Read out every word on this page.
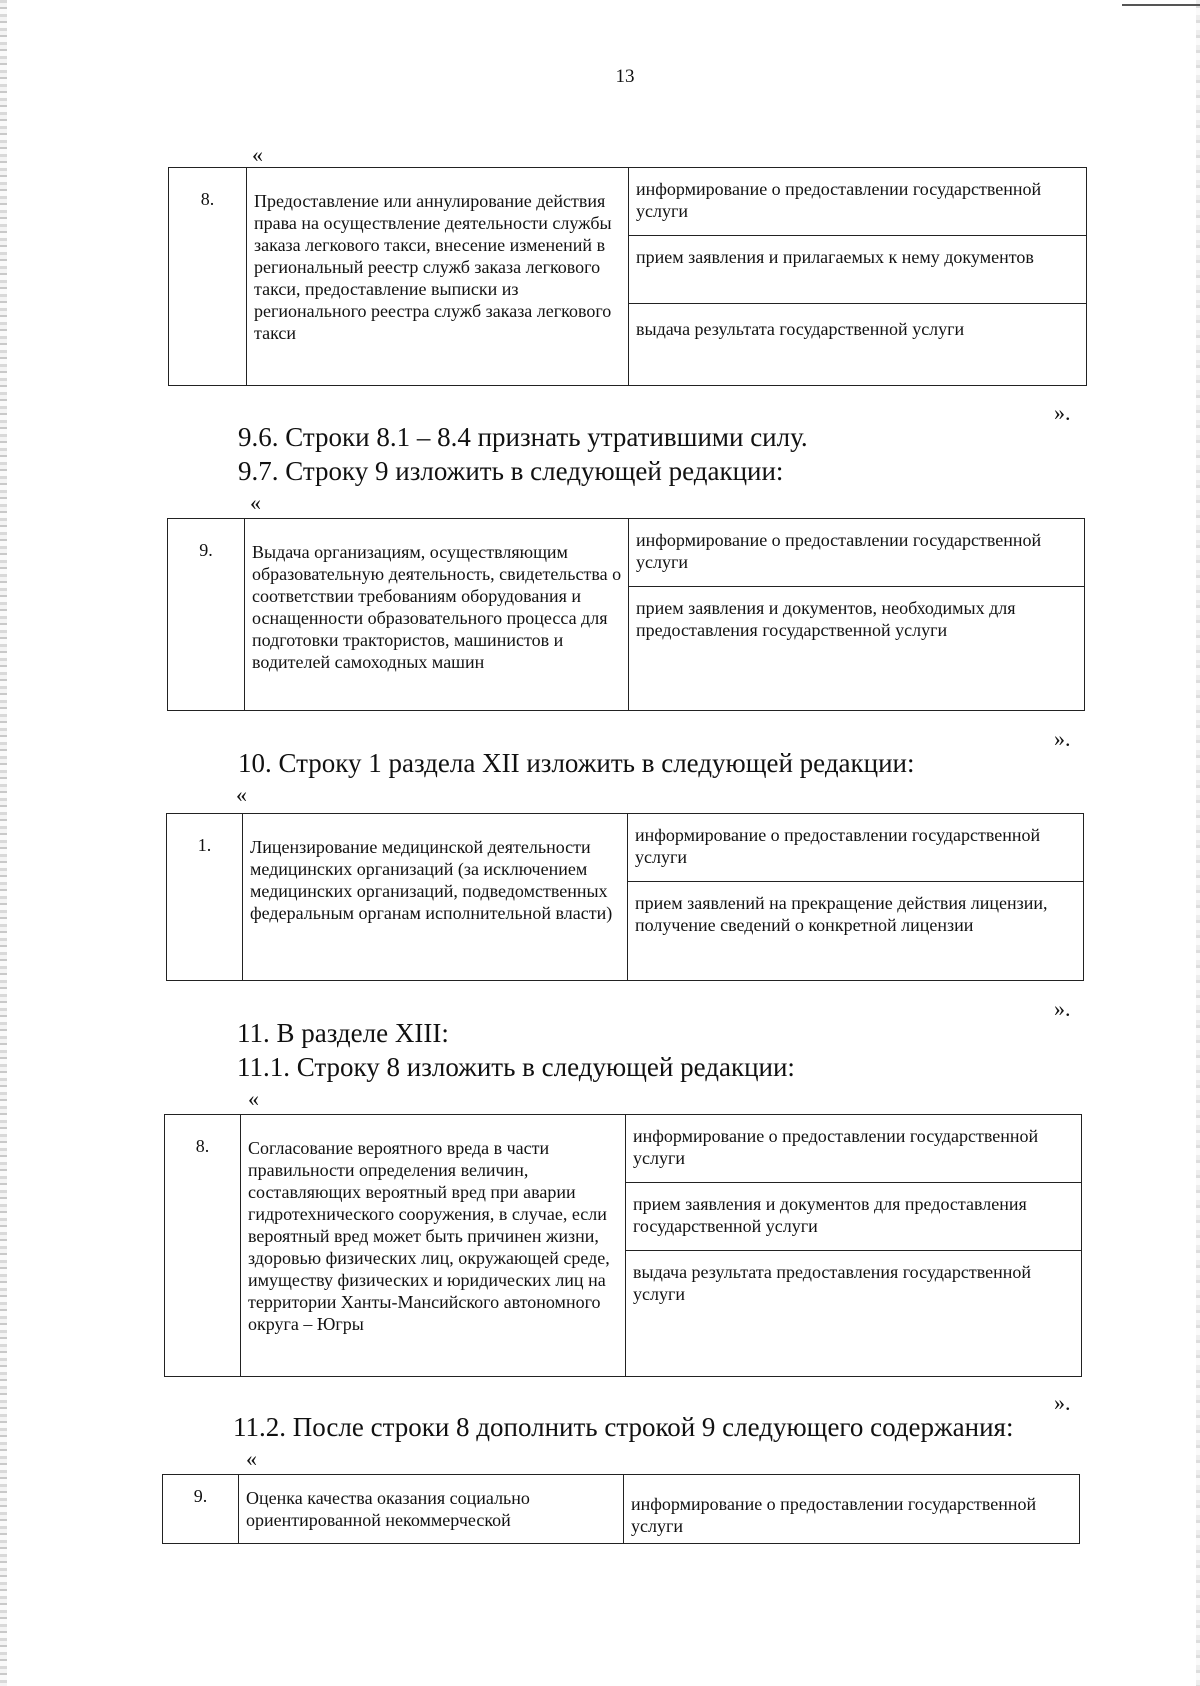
13
«
8.	Предоставление или аннулирование действия права на осуществление деятельности службы заказа легкового такси, внесение изменений в региональный реестр служб заказа легкового такси, предоставление выписки из регионального реестра служб заказа легкового такси	информирование о предоставлении государственной услуги
прием заявления и прилагаемых к нему документов
выдача результата государственной услуги
».
9.6. Строки 8.1 – 8.4 признать утратившими силу.
9.7. Строку 9 изложить в следующей редакции:
«
9.	Выдача организациям, осуществляющим образовательную деятельность, свидетельства о соответствии требованиям оборудования и оснащенности образовательного процесса для подготовки трактористов, машинистов и водителей самоходных машин	информирование о предоставлении государственной услуги
прием заявления и документов, необходимых для предоставления государственной услуги
».
10. Строку 1 раздела XII изложить в следующей редакции:
«
1.	Лицензирование медицинской деятельности медицинских организаций (за исключением медицинских организаций, подведомственных федеральным органам исполнительной власти)	информирование о предоставлении государственной услуги
прием заявлений на прекращение действия лицензии, получение сведений о конкретной лицензии
».
11. В разделе XIII:
11.1. Строку 8 изложить в следующей редакции:
«
8.	Согласование вероятного вреда в части правильности определения величин, составляющих вероятный вред при аварии гидротехнического сооружения, в случае, если вероятный вред может быть причинен жизни, здоровью физических лиц, окружающей среде, имуществу физических и юридических лиц на территории Ханты-Мансийского автономного округа – Югры	информирование о предоставлении государственной услуги
прием заявления и документов для предоставления государственной услуги
выдача результата предоставления государственной услуги
».
11.2. После строки 8 дополнить строкой 9 следующего содержания:
«
9.	Оценка качества оказания социально ориентированной некоммерческой	информирование о предоставлении государственной услуги
